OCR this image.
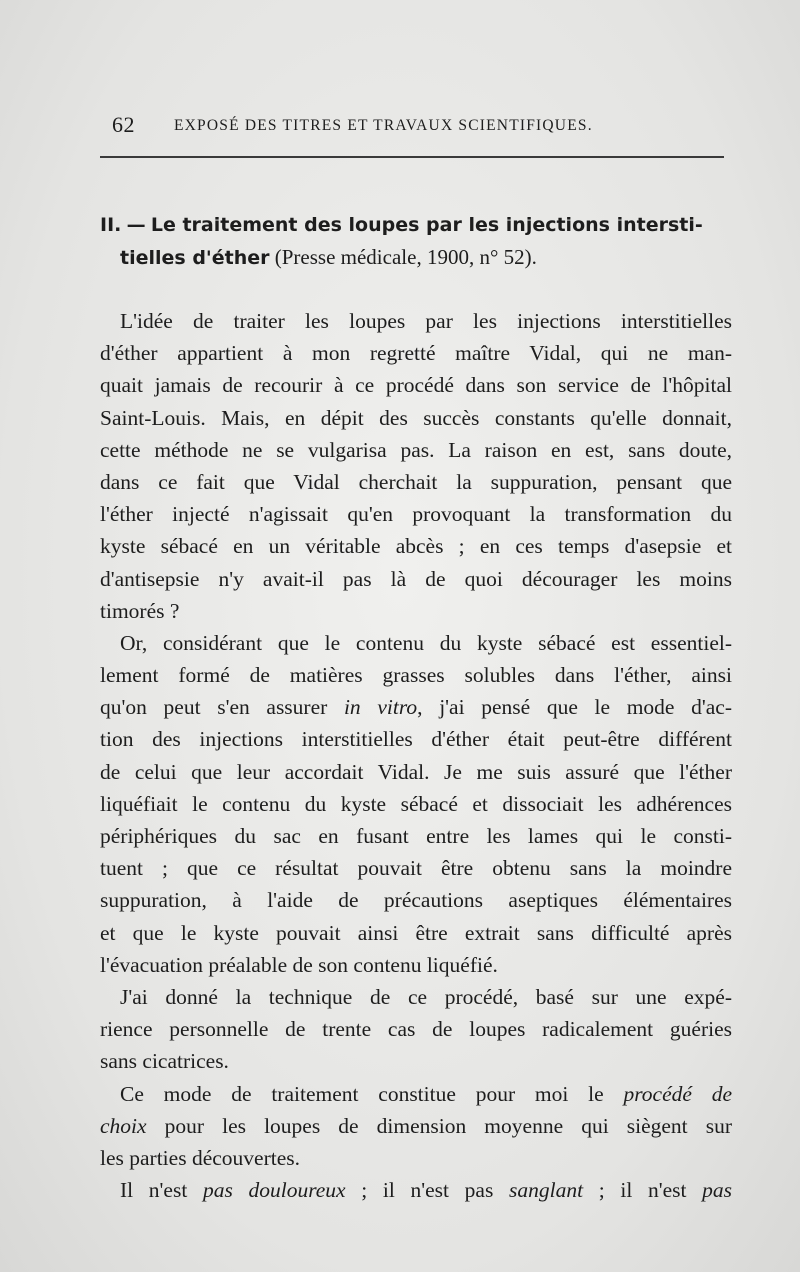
62	EXPOSÉ DES TITRES ET TRAVAUX SCIENTIFIQUES.
II. — Le traitement des loupes par les injections intersti-
tielles d'éther (Presse médicale, 1900, n° 52).
L'idée de traiter les loupes par les injections interstitielles
d'éther appartient à mon regretté maître Vidal, qui ne man-
quait jamais de recourir à ce procédé dans son service de l'hôpital
Saint-Louis. Mais, en dépit des succès constants qu'elle donnait,
cette méthode ne se vulgarisa pas. La raison en est, sans doute,
dans ce fait que Vidal cherchait la suppuration, pensant que
l'éther injecté n'agissait qu'en provoquant la transformation du
kyste sébacé en un véritable abcès ; en ces temps d'asepsie et
d'antisepsie n'y avait-il pas là de quoi décourager les moins
timorés ?
Or, considérant que le contenu du kyste sébacé est essentiel-
lement formé de matières grasses solubles dans l'éther, ainsi
qu'on peut s'en assurer in vitro, j'ai pensé que le mode d'ac-
tion des injections interstitielles d'éther était peut-être différent
de celui que leur accordait Vidal. Je me suis assuré que l'éther
liquéfiait le contenu du kyste sébacé et dissociait les adhérences
périphériques du sac en fusant entre les lames qui le consti-
tuent ; que ce résultat pouvait être obtenu sans la moindre
suppuration, à l'aide de précautions aseptiques élémentaires
et que le kyste pouvait ainsi être extrait sans difficulté après
l'évacuation préalable de son contenu liquéfié.
J'ai donné la technique de ce procédé, basé sur une expé-
rience personnelle de trente cas de loupes radicalement guéries
sans cicatrices.
Ce mode de traitement constitue pour moi le procédé de
choix pour les loupes de dimension moyenne qui siègent sur
les parties découvertes.
Il n'est pas douloureux ; il n'est pas sanglant ; il n'est pas
